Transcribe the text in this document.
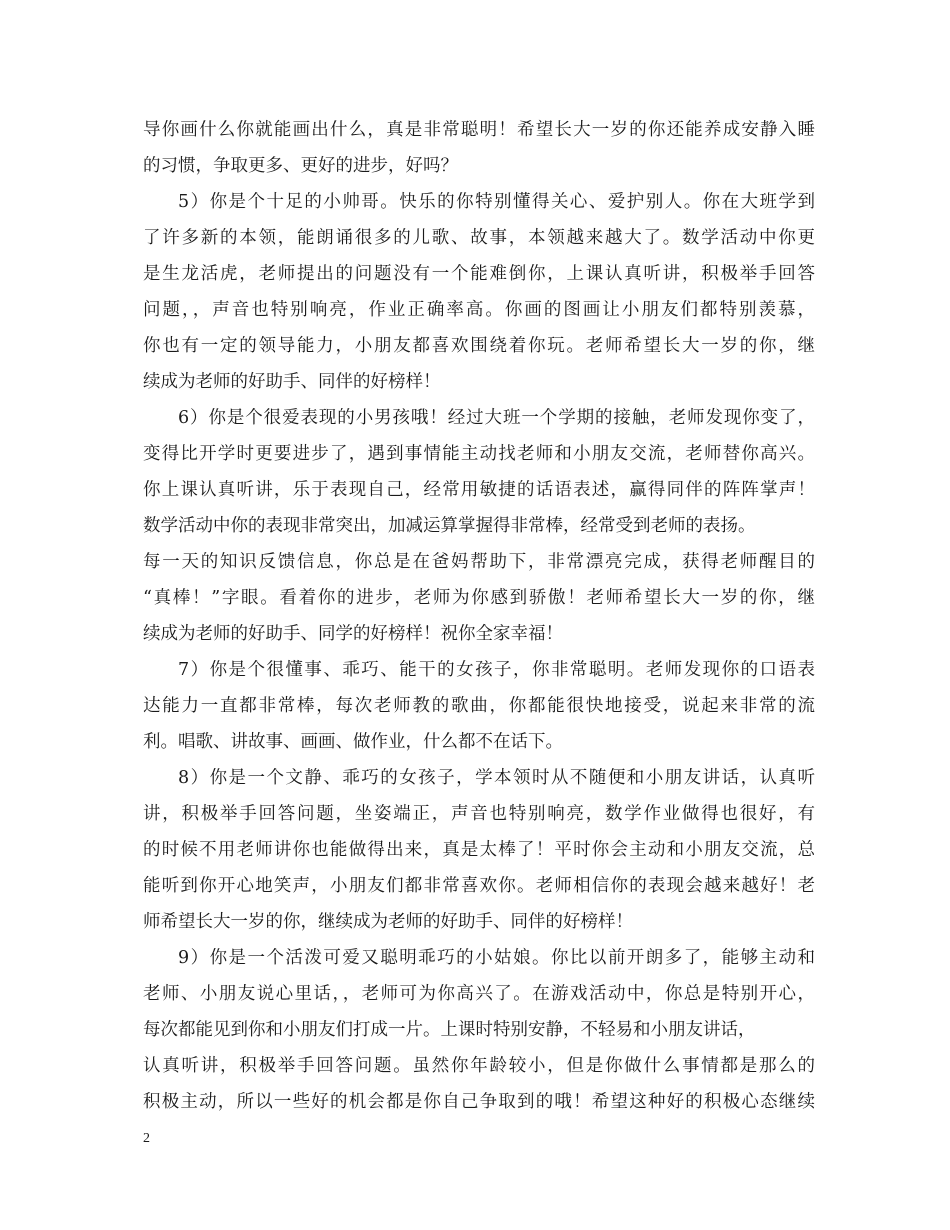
导你画什么你就能画出什么，真是非常聪明！希望长大一岁的你还能养成安静入睡
的习惯，争取更多、更好的进步，好吗？
5）你是个十足的小帅哥。快乐的你特别懂得关心、爱护别人。你在大班学到
了许多新的本领，能朗诵很多的儿歌、故事，本领越来越大了。数学活动中你更
是生龙活虎，老师提出的问题没有一个能难倒你，上课认真听讲，积极举手回答
问题，，声音也特别响亮，作业正确率高。你画的图画让小朋友们都特别羡慕，
你也有一定的领导能力，小朋友都喜欢围绕着你玩。老师希望长大一岁的你，继
续成为老师的好助手、同伴的好榜样！
6）你是个很爱表现的小男孩哦！经过大班一个学期的接触，老师发现你变了，
变得比开学时更要进步了，遇到事情能主动找老师和小朋友交流，老师替你高兴。
你上课认真听讲，乐于表现自己，经常用敏捷的话语表述，赢得同伴的阵阵掌声！
数学活动中你的表现非常突出，加减运算掌握得非常棒，经常受到老师的表扬。
每一天的知识反馈信息，你总是在爸妈帮助下，非常漂亮完成，获得老师醒目的
“真棒！”字眼。看着你的进步，老师为你感到骄傲！老师希望长大一岁的你，继
续成为老师的好助手、同学的好榜样！祝你全家幸福！
7）你是个很懂事、乖巧、能干的女孩子，你非常聪明。老师发现你的口语表
达能力一直都非常棒，每次老师教的歌曲，你都能很快地接受，说起来非常的流
利。唱歌、讲故事、画画、做作业，什么都不在话下。
8）你是一个文静、乖巧的女孩子，学本领时从不随便和小朋友讲话，认真听
讲，积极举手回答问题，坐姿端正，声音也特别响亮，数学作业做得也很好，有
的时候不用老师讲你也能做得出来，真是太棒了！平时你会主动和小朋友交流，总
能听到你开心地笑声，小朋友们都非常喜欢你。老师相信你的表现会越来越好！老
师希望长大一岁的你，继续成为老师的好助手、同伴的好榜样！
9）你是一个活泼可爱又聪明乖巧的小姑娘。你比以前开朗多了，能够主动和
老师、小朋友说心里话，，老师可为你高兴了。在游戏活动中，你总是特别开心，
每次都能见到你和小朋友们打成一片。上课时特别安静，不轻易和小朋友讲话，
认真听讲，积极举手回答问题。虽然你年龄较小，但是你做什么事情都是那么的
积极主动，所以一些好的机会都是你自己争取到的哦！希望这种好的积极心态继续
2
